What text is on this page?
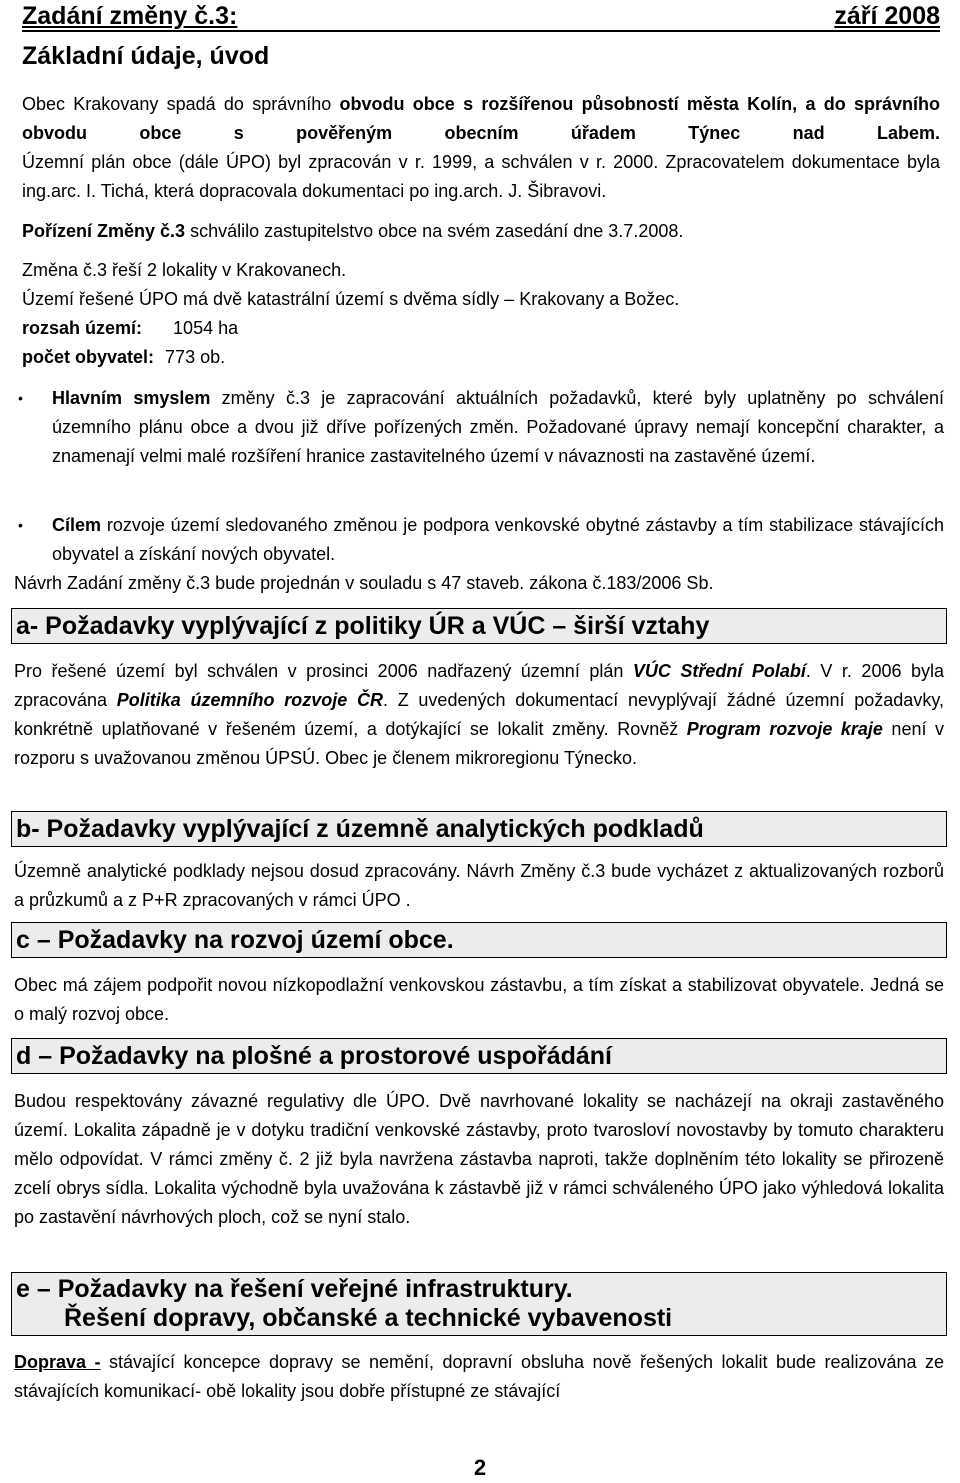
Zadání změny č.3:	září 2008
Základní údaje, úvod
Obec Krakovany spadá do správního obvodu obce s rozšířenou působností města Kolín, a do správního obvodu obce s pověřeným obecním úřadem Týnec nad Labem.
Územní plán obce (dále ÚPO) byl zpracován v r. 1999, a schválen v r. 2000. Zpracovatelem dokumentace byla ing.arc. I. Tichá, která dopracovala dokumentaci po ing.arch. J. Šibravovi.
Pořízení Změny č.3 schválilo zastupitelstvo obce na svém zasedání dne 3.7.2008.
Změna č.3 řeší 2 lokality v Krakovanech.
Území řešené ÚPO má dvě katastrální území s dvěma sídly – Krakovany a Božec.
rozsah území: 1054 ha
počet obyvatel: 773 ob.
• Hlavním smyslem změny č.3 je zapracování aktuálních požadavků, které byly uplatněny po schválení územního plánu obce a dvou již dříve pořízených změn. Požadované úpravy nemají koncepční charakter, a znamenají velmi malé rozšíření hranice zastavitelného území v návaznosti na zastavěné území.
• Cílem rozvoje území sledovaného změnou je podpora venkovské obytné zástavby a tím stabilizace stávajících obyvatel a získání nových obyvatel.
Návrh Zadání změny č.3 bude projednán v souladu s 47 staveb. zákona č.183/2006 Sb.
a- Požadavky vyplývající z politiky ÚR a VÚC – širší vztahy
Pro řešené území byl schválen v prosinci 2006 nadřazený územní plán VÚC Střední Polabí. V r. 2006 byla zpracována Politika územního rozvoje ČR. Z uvedených dokumentací nevyplývají žádné územní požadavky, konkrétně uplatňované v řešeném území, a dotýkající se lokalit změny. Rovněž Program rozvoje kraje není v rozporu s uvažovanou změnou ÚPSÚ. Obec je členem mikroregionu Týnecko.
b- Požadavky vyplývající z územně analytických podkladů
Územně analytické podklady nejsou dosud zpracovány. Návrh Změny č.3 bude vycházet z aktualizovaných rozborů a průzkumů a z P+R zpracovaných v rámci ÚPO .
c – Požadavky na rozvoj území obce.
Obec má zájem podpořit novou nízkopodlažní venkovskou zástavbu, a tím získat a stabilizovat obyvatele. Jedná se o malý rozvoj obce.
d – Požadavky na plošné a prostorové uspořádání
Budou respektovány závazné regulativy dle ÚPO. Dvě navrhované lokality se nacházejí na okraji zastavěného území. Lokalita západně je v dotyku tradiční venkovské zástavby, proto tvarosloví novostavby by tomuto charakteru mělo odpovídat. V rámci změny č. 2 již byla navržena zástavba naproti, takže doplněním této lokality se přirozeně zcelí obrys sídla. Lokalita východně byla uvažována k zástavbě již v rámci schváleného ÚPO jako výhledová lokalita po zastavění návrhových ploch, což se nyní stalo.
e – Požadavky na řešení veřejné infrastruktury.
Řešení dopravy, občanské a technické vybavenosti
Doprava - stávající koncepce dopravy se nemění, dopravní obsluha nově řešených lokalit bude realizována ze stávajících komunikací- obě lokality jsou dobře přístupné ze stávající
2
